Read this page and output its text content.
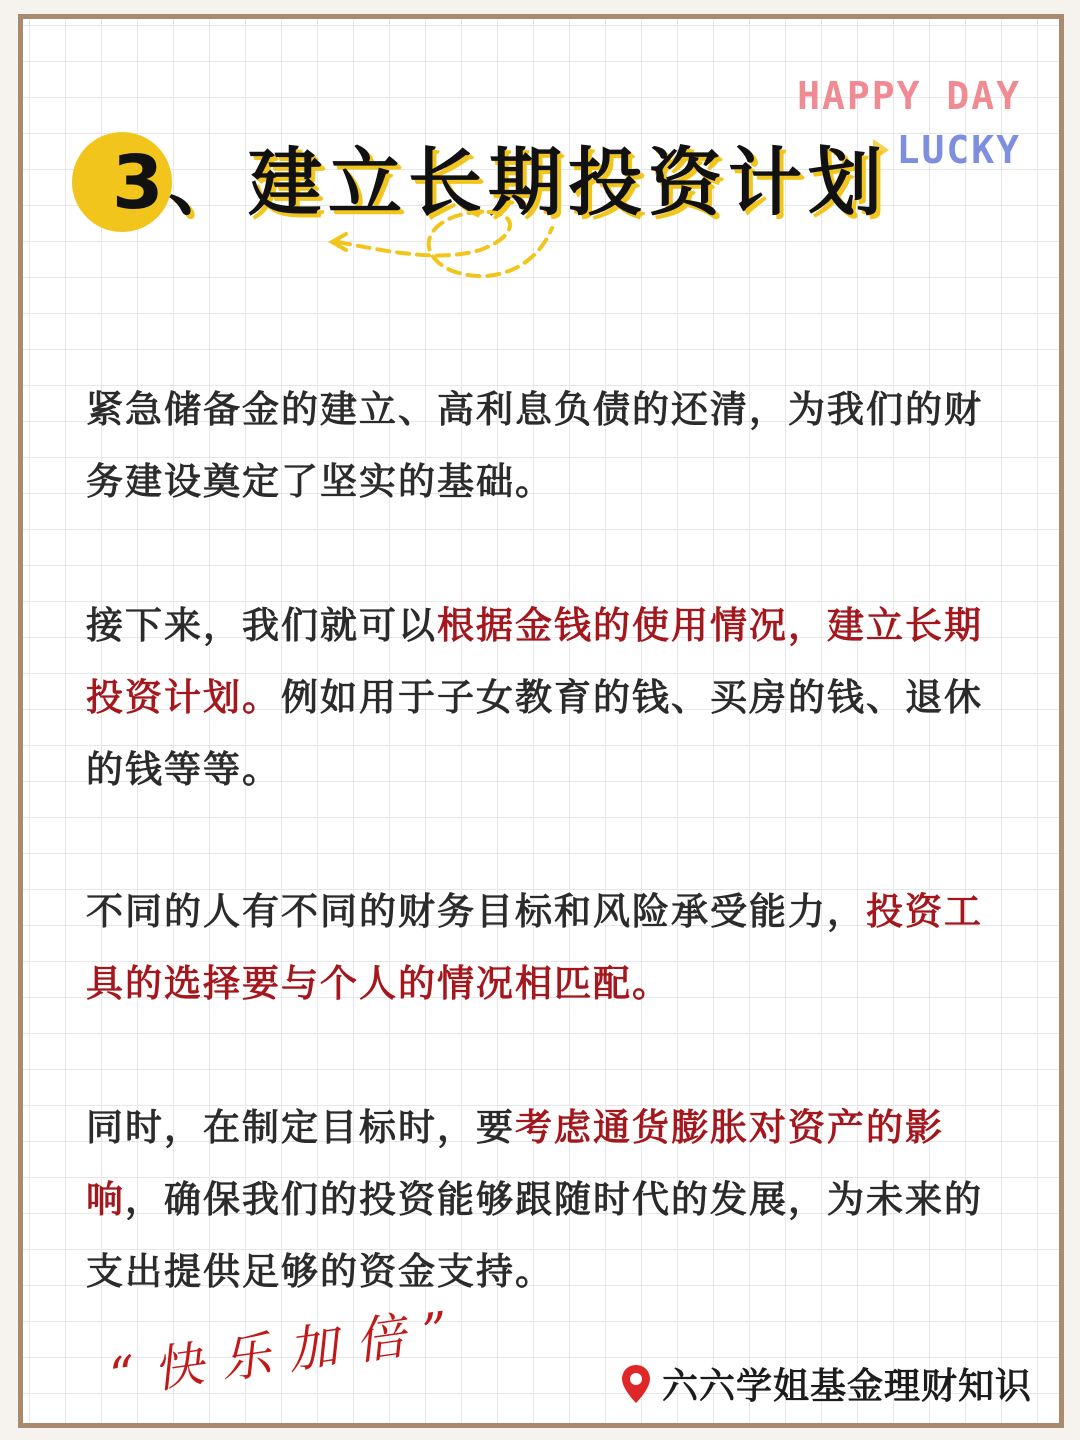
HAPPY DAY
LUCKY
3 、建立长期投资计划
紧急储备金的建立、高利息负债的还清，为我们的财务建设奠定了坚实的基础。
接下来，我们就可以根据金钱的使用情况，建立长期投资计划。例如用于子女教育的钱、买房的钱、退休的钱等等。
不同的人有不同的财务目标和风险承受能力，投资工具的选择要与个人的情况相匹配。
同时，在制定目标时，要考虑通货膨胀对资产的影响，确保我们的投资能够跟随时代的发展，为未来的支出提供足够的资金支持。
“快乐加倍”	六六学姐基金理财知识
